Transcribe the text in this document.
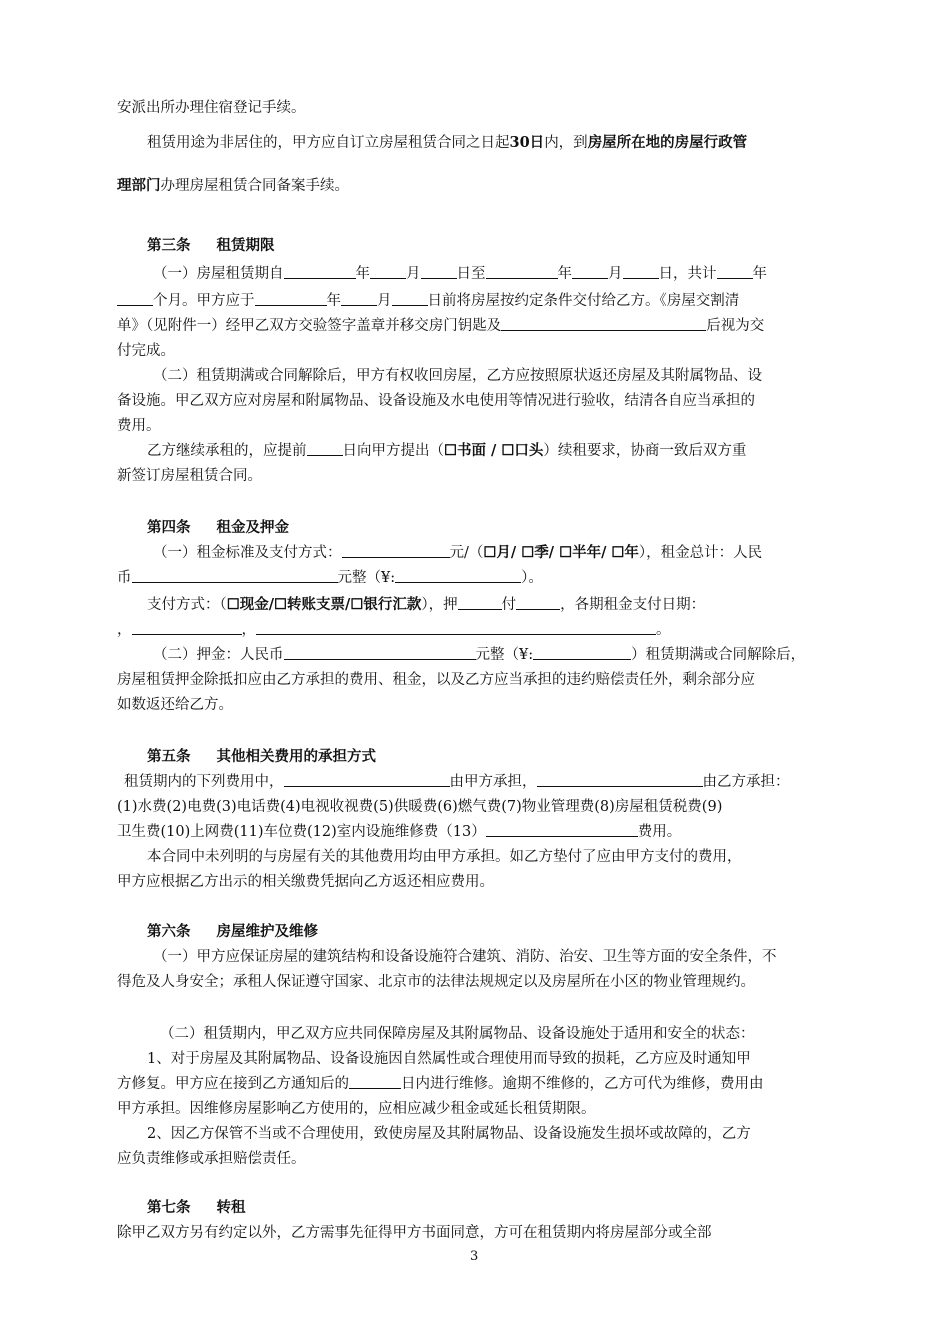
安派出所办理住宿登记手续。
租赁用途为非居住的，甲方应自订立房屋租赁合同之日起30日内，到房屋所在地的房屋行政管
理部门办理房屋租赁合同备案手续。
第三条 租赁期限
（一）房屋租赁期自	年 月 日至	年 月 日，共计 年
个月。甲方应于	年 月 日前将房屋按约定条件交付给乙方。《房屋交割清
单》（见附件一）经甲乙双方交验签字盖章并移交房门钥匙及	后视为交
付完成。
（二）租赁期满或合同解除后，甲方有权收回房屋，乙方应按照原状返还房屋及其附属物品、设
备设施。甲乙双方应对房屋和附属物品、设备设施及水电使用等情况进行验收，结清各自应当承担的
费用。
乙方继续承租的，应提前 日向甲方提出（☐书面 / ☐口头）续租要求，协商一致后双方重
新签订房屋租赁合同。
第四条 租金及押金
（一）租金标准及支付方式：	元/（☐月/ ☐季/ ☐半年/ ☐年），租金总计：人民
币	元整（¥:	）。
支付方式：（☐现金/☐转账支票/☐银行汇款），押	付	，各期租金支付日期：
，	，	。
（二）押金：人民币	元整（¥:	）租赁期满或合同解除后，
房屋租赁押金除抵扣应由乙方承担的费用、租金，以及乙方应当承担的违约赔偿责任外，剩余部分应
如数返还给乙方。
第五条 其他相关费用的承担方式
租赁期内的下列费用中，	由甲方承担，	由乙方承担：
(1)水费(2)电费(3)电话费(4)电视收视费(5)供暖费(6)燃气费(7)物业管理费(8)房屋租赁税费(9)
卫生费(10)上网费(11)车位费(12)室内设施维修费（13）	费用。
本合同中未列明的与房屋有关的其他费用均由甲方承担。如乙方垫付了应由甲方支付的费用，
甲方应根据乙方出示的相关缴费凭据向乙方返还相应费用。
第六条 房屋维护及维修
（一）甲方应保证房屋的建筑结构和设备设施符合建筑、消防、治安、卫生等方面的安全条件，不
得危及人身安全；承租人保证遵守国家、北京市的法律法规规定以及房屋所在小区的物业管理规约。
（二）租赁期内，甲乙双方应共同保障房屋及其附属物品、设备设施处于适用和安全的状态：
1、对于房屋及其附属物品、设备设施因自然属性或合理使用而导致的损耗，乙方应及时通知甲
方修复。甲方应在接到乙方通知后的	日内进行维修。逾期不维修的，乙方可代为维修，费用由
甲方承担。因维修房屋影响乙方使用的，应相应减少租金或延长租赁期限。
2、因乙方保管不当或不合理使用，致使房屋及其附属物品、设备设施发生损坏或故障的，乙方
应负责维修或承担赔偿责任。
第七条 转租
除甲乙双方另有约定以外，乙方需事先征得甲方书面同意，方可在租赁期内将房屋部分或全部
3
